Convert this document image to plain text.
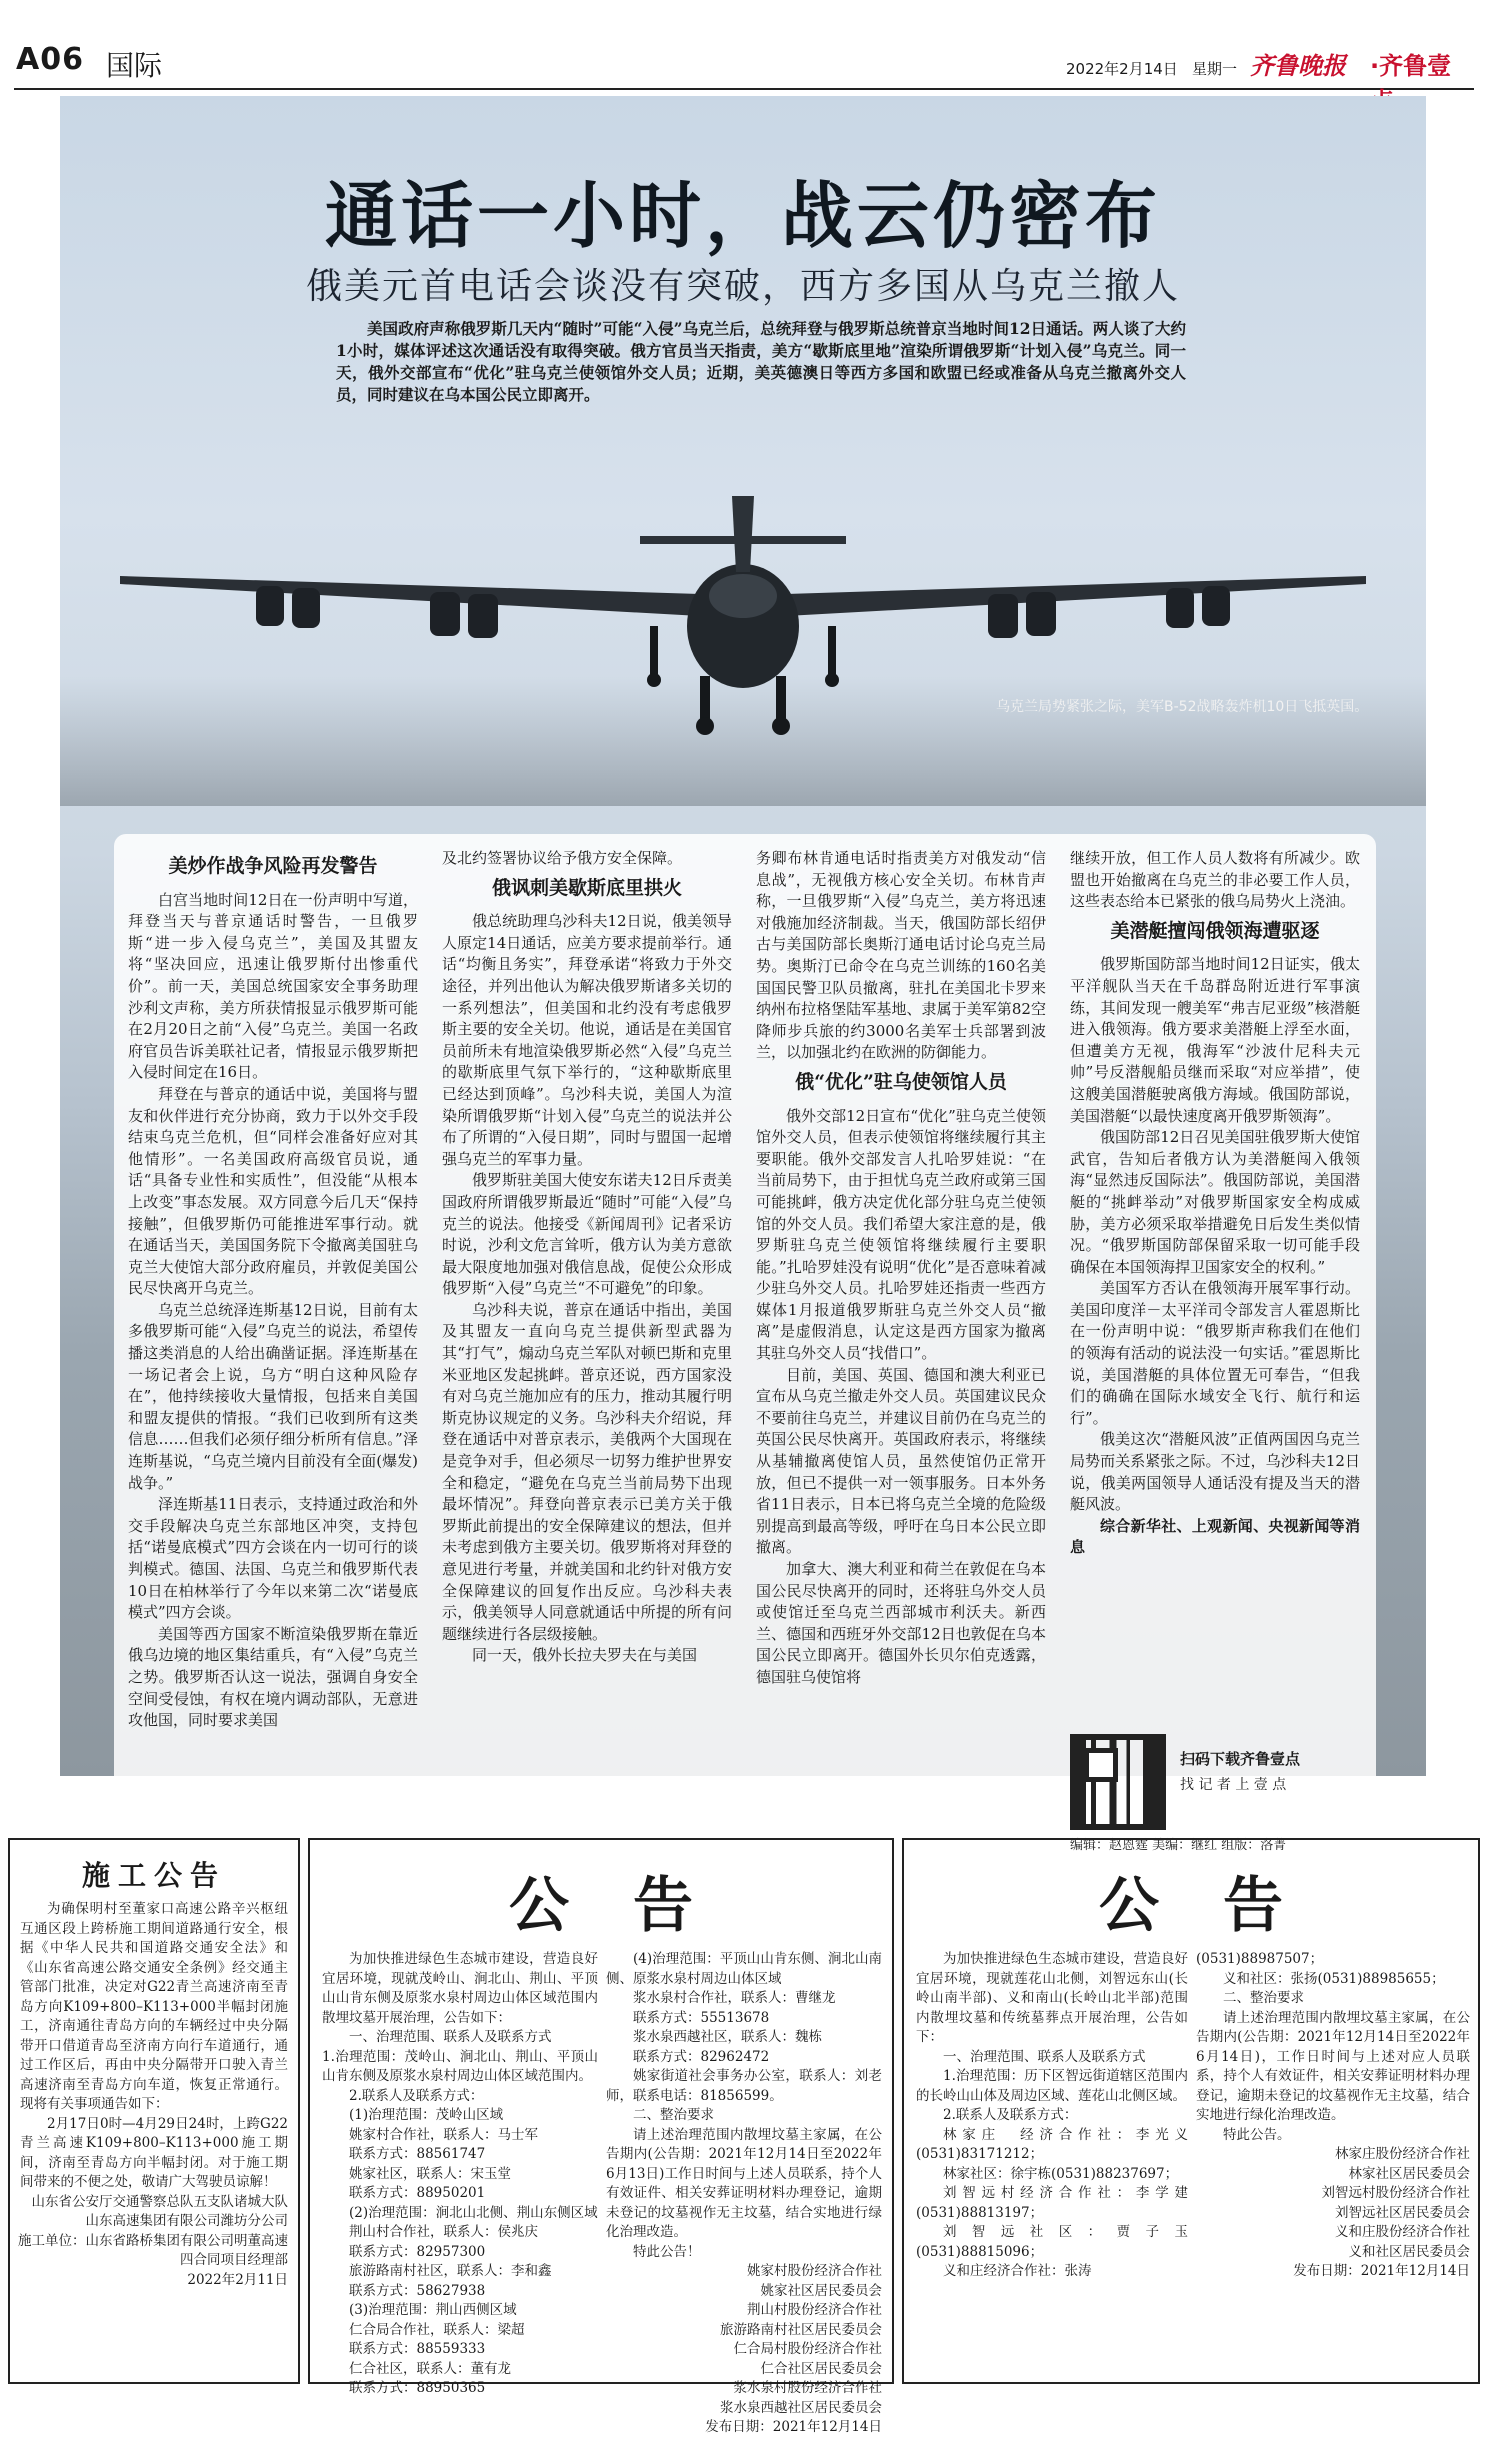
A06 国际	2022年2月14日 星期一 齐鲁晚报 ·齐鲁壹
通话一小时，战云仍密布
俄美元首电话会谈没有突破，西方多国从乌克兰撤人
美国政府声称俄罗斯几天内“随时”可能“入侵”乌克兰后，总统拜登与俄罗斯总统普京当地时间12日通话。两人谈了大约1小时，媒体评述这次通话没有取得突破。俄方官员当天指责，美方“歇斯底里地”渲染所谓俄罗斯“计划入侵”乌克兰。同一天，俄外交部宣布“优化”驻乌克兰使领馆外交人员；近期，美英德澳日等西方多国和欧盟已经或准备从乌克兰撤离外交人员，同时建议在乌本国公民立即离开。
乌克兰局势紧张之际，美军B-52战略轰炸机10日飞抵英国。
美炒作战争风险再发警告

白宫当地时间12日在一份声明中写道，拜登当天与普京通话时警告，一旦俄罗斯“进一步入侵乌克兰”，美国及其盟友将“坚决回应，迅速让俄罗斯付出惨重代价”。前一天，美国总统国家安全事务助理沙利文声称，美方所获情报显示俄罗斯可能在2月20日之前“入侵”乌克兰。美国一名政府官员告诉美联社记者，情报显示俄罗斯把入侵时间定在16日。

拜登在与普京的通话中说，美国将与盟友和伙伴进行充分协商，致力于以外交手段结束乌克兰危机，但“同样会准备好应对其他情形”。一名美国政府高级官员说，通话“具备专业性和实质性”，但没能“从根本上改变”事态发展。双方同意今后几天“保持接触”，但俄罗斯仍可能推进军事行动。就在通话当天，美国国务院下令撤离美国驻乌克兰大使馆大部分政府雇员，并敦促美国公民尽快离开乌克兰。

乌克兰总统泽连斯基12日说，目前有太多俄罗斯可能“入侵”乌克兰的说法，希望传播这类消息的人给出确凿证据。泽连斯基在一场记者会上说，乌方“明白这种风险存在”，他持续接收大量情报，包括来自美国和盟友提供的情报。“我们已收到所有这类信息……但我们必须仔细分析所有信息。”泽连斯基说，“乌克兰境内目前没有全面(爆发)战争。”

泽连斯基11日表示，支持通过政治和外交手段解决乌克兰东部地区冲突，支持包括“诺曼底模式”四方会谈在内一切可行的谈判模式。德国、法国、乌克兰和俄罗斯代表10日在柏林举行了今年以来第二次“诺曼底模式”四方会谈。

美国等西方国家不断渲染俄罗斯在靠近俄乌边境的地区集结重兵，有“入侵”乌克兰之势。俄罗斯否认这一说法，强调自身安全空间受侵蚀，有权在境内调动部队，无意进攻他国，同时要求美国

及北约签署协议给予俄方安全保障。
俄讽刺美歇斯底里拱火

俄总统助理乌沙科夫12日说，俄美领导人原定14日通话，应美方要求提前举行。通话“均衡且务实”，拜登承诺“将致力于外交途径，并列出他认为解决俄罗斯诸多关切的一系列想法”，但美国和北约没有考虑俄罗斯主要的安全关切。他说，通话是在美国官员前所未有地渲染俄罗斯必然“入侵”乌克兰的歇斯底里气氛下举行的，“这种歇斯底里已经达到顶峰”。乌沙科夫说，美国人为渲染所谓俄罗斯“计划入侵”乌克兰的说法并公布了所谓的“入侵日期”，同时与盟国一起增强乌克兰的军事力量。

俄罗斯驻美国大使安东诺夫12日斥责美国政府所谓俄罗斯最近“随时”可能“入侵”乌克兰的说法。他接受《新闻周刊》记者采访时说，沙利文危言耸听，俄方认为美方意欲最大限度地加强对俄信息战，促使公众形成俄罗斯“入侵”乌克兰“不可避免”的印象。

乌沙科夫说，普京在通话中指出，美国及其盟友一直向乌克兰提供新型武器为其“打气”，煽动乌克兰军队对顿巴斯和克里米亚地区发起挑衅。普京还说，西方国家没有对乌克兰施加应有的压力，推动其履行明斯克协议规定的义务。乌沙科夫介绍说，拜登在通话中对普京表示，美俄两个大国现在是竞争对手，但必须尽一切努力维护世界安全和稳定，“避免在乌克兰当前局势下出现最坏情况”。拜登向普京表示已美方关于俄罗斯此前提出的安全保障建议的想法，但并未考虑到俄方主要关切。俄罗斯将对拜登的意见进行考量，并就美国和北约针对俄方安全保障建议的回复作出反应。乌沙科夫表示，俄美领导人同意就通话中所提的所有问题继续进行各层级接触。

同一天，俄外长拉夫罗夫在与美国

务卿布林肯通电话时指责美方对俄发动“信息战”，无视俄方核心安全关切。布林肯声称，一旦俄罗斯“入侵”乌克兰，美方将迅速对俄施加经济制裁。当天，俄国防部长绍伊古与美国防部长奥斯汀通电话讨论乌克兰局势。奥斯汀已命令在乌克兰训练的160名美国国民警卫队员撤离，驻扎在美国北卡罗来纳州布拉格堡陆军基地、隶属于美军第82空降师步兵旅的约3000名美军士兵部署到波兰，以加强北约在欧洲的防御能力。
俄“优化”驻乌使领馆人员

俄外交部12日宣布“优化”驻乌克兰使领馆外交人员，但表示使领馆将继续履行其主要职能。俄外交部发言人扎哈罗娃说：“在当前局势下，由于担忧乌克兰政府或第三国可能挑衅，俄方决定优化部分驻乌克兰使领馆的外交人员。我们希望大家注意的是，俄罗斯驻乌克兰使领馆将继续履行主要职能。”扎哈罗娃没有说明“优化”是否意味着减少驻乌外交人员。扎哈罗娃还指责一些西方媒体1月报道俄罗斯驻乌克兰外交人员“撤离”是虚假消息，认定这是西方国家为撤离其驻乌外交人员“找借口”。

目前，美国、英国、德国和澳大利亚已宣布从乌克兰撤走外交人员。英国建议民众不要前往乌克兰，并建议目前仍在乌克兰的英国公民尽快离开。英国政府表示，将继续从基辅撤离使馆人员，虽然使馆仍正常开放，但已不提供一对一领事服务。日本外务省11日表示，日本已将乌克兰全境的危险级别提高到最高等级，呼吁在乌日本公民立即撤离。

加拿大、澳大利亚和荷兰在敦促在乌本国公民尽快离开的同时，还将驻乌外交人员或使馆迁至乌克兰西部城市利沃夫。新西兰、德国和西班牙外交部12日也敦促在乌本国公民立即离开。德国外长贝尔伯克透露，德国驻乌使馆将

继续开放，但工作人员人数将有所减少。欧盟也开始撤离在乌克兰的非必要工作人员，这些表态给本已紧张的俄乌局势火上浇油。
美潜艇擅闯俄领海遭驱逐

俄罗斯国防部当地时间12日证实，俄太平洋舰队当天在千岛群岛附近进行军事演练，其间发现一艘美军“弗吉尼亚级”核潜艇进入俄领海。俄方要求美潜艇上浮至水面，但遭美方无视，俄海军“沙波什尼科夫元帅”号反潜舰船员继而采取“对应举措”，使这艘美国潜艇驶离俄方海域。俄国防部说，美国潜艇“以最快速度离开俄罗斯领海”。

俄国防部12日召见美国驻俄罗斯大使馆武官，告知后者俄方认为美潜艇闯入俄领海“显然违反国际法”。俄国防部说，美国潜艇的“挑衅举动”对俄罗斯国家安全构成威胁，美方必须采取举措避免日后发生类似情况。“俄罗斯国防部保留采取一切可能手段确保在本国领海捍卫国家安全的权利。”

美国军方否认在俄领海开展军事行动。美国印度洋－太平洋司令部发言人霍恩斯比在一份声明中说：“俄罗斯声称我们在他们的领海有活动的说法没一句实话。”霍恩斯比说，美国潜艇的具体位置无可奉告，“但我们的确确在国际水域安全飞行、航行和运行”。

俄美这次“潜艇风波”正值两国因乌克兰局势而关系紧张之际。不过，乌沙科夫12日说，俄美两国领导人通话没有提及当天的潜艇风波。

综合新华社、上观新闻、央视新闻等消息

扫码下载齐鲁壹点
找 记 者 上 壹 点
编辑：赵恩霆 美编：继红 组版：洛菁
施工公告

为确保明村至董家口高速公路辛兴枢纽互通区段上跨桥施工期间道路通行安全，根据《中华人民共和国道路交通安全法》和《山东省高速公路交通安全条例》经交通主管部门批准，决定对G22青兰高速济南至青岛方向K109+800–K113+000半幅封闭施工，济南通往青岛方向的车辆经过中央分隔带开口借道青岛至济南方向行车道通行，通过工作区后，再由中央分隔带开口驶入青兰高速济南至青岛方向车道，恢复正常通行。现将有关事项通告如下：

2月17日0时—4月29日24时，上跨G22青兰高速K109+800–K113+000施工期间，济南至青岛方向半幅封闭。对于施工期间带来的不便之处，敬请广大驾驶员谅解！

山东省公安厅交通警察总队五支队诸城大队
山东高速集团有限公司潍坊分公司
施工单位：山东省路桥集团有限公司明董高速四合同项目经理部
2022年2月11日
公告

为加快推进绿色生态城市建设，营造良好宜居环境，现就茂岭山、涧北山、荆山、平顶山山肯东侧及原浆水泉村周边山体区域范围内散埋坟墓开展治理，公告如下：

一、治理范围、联系人及联系方式

1.治理范围：茂岭山、涧北山、荆山、平顶山山肯东侧及原浆水泉村周边山体区域范围内。

2.联系人及联系方式：

(1)治理范围：茂岭山区域

姚家村合作社，联系人：马士军

联系方式：88561747

姚家社区，联系人：宋玉堂

联系方式：88950201

(2)治理范围：涧北山北侧、荆山东侧区域

荆山村合作社，联系人：侯兆庆

联系方式：82957300

旅游路南村社区，联系人：李和鑫

联系方式：58627938

(3)治理范围：荆山西侧区域

仁合局合作社，联系人：梁超

联系方式：88559333

仁合社区，联系人：董有龙

联系方式：88950365

(4)治理范围：平顶山山肯东侧、涧北山南侧、原浆水泉村周边山体区域

浆水泉村合作社，联系人：曹继龙

联系方式：55513678

浆水泉西越社区，联系人：魏栋

联系方式：82962472

姚家街道社会事务办公室，联系人：刘老师，联系电话：81856599。

二、整治要求

请上述治理范围内散埋坟墓主家属，在公告期内(公告期：2021年12月14日至2022年6月13日)工作日时间与上述人员联系，持个人有效证件、相关安葬证明材料办理登记，逾期未登记的坟墓视作无主坟墓，结合实地进行绿化治理改造。

特此公告！

姚家村股份经济合作社
姚家社区居民委员会
荆山村股份经济合作社
旅游路南村社区居民委员会
仁合局村股份经济合作社
仁合社区居民委员会
浆水泉村股份经济合作社
浆水泉西越社区居民委员会
发布日期：2021年12月14日
公告

为加快推进绿色生态城市建设，营造良好宜居环境，现就莲花山北侧，刘智远东山(长岭山南半部)、义和南山(长岭山北半部)范围内散埋坟墓和传统墓葬点开展治理，公告如下：

一、治理范围、联系人及联系方式

1.治理范围：历下区智远街道辖区范围内的长岭山山体及周边区域、莲花山北侧区域。

2.联系人及联系方式：

林家庄　经济合作社：李光义(0531)83171212；

林家社区：徐宇栋(0531)88237697；

刘智远村经济合作社：李学建(0531)88813197；

刘智远社区：贾子玉(0531)88815096；

义和庄经济合作社：张涛

(0531)88987507；

义和社区：张扬(0531)88985655；

二、整治要求

请上述治理范围内散埋坟墓主家属，在公告期内(公告期：2021年12月14日至2022年6月14日)，工作日时间与上述对应人员联系，持个人有效证件，相关安葬证明材料办理登记，逾期未登记的坟墓视作无主坟墓，结合实地进行绿化治理改造。

特此公告。

林家庄股份经济合作社
林家社区居民委员会
刘智远村股份经济合作社
刘智远社区居民委员会
义和庄股份经济合作社
义和社区居民委员会
发布日期：2021年12月14日
